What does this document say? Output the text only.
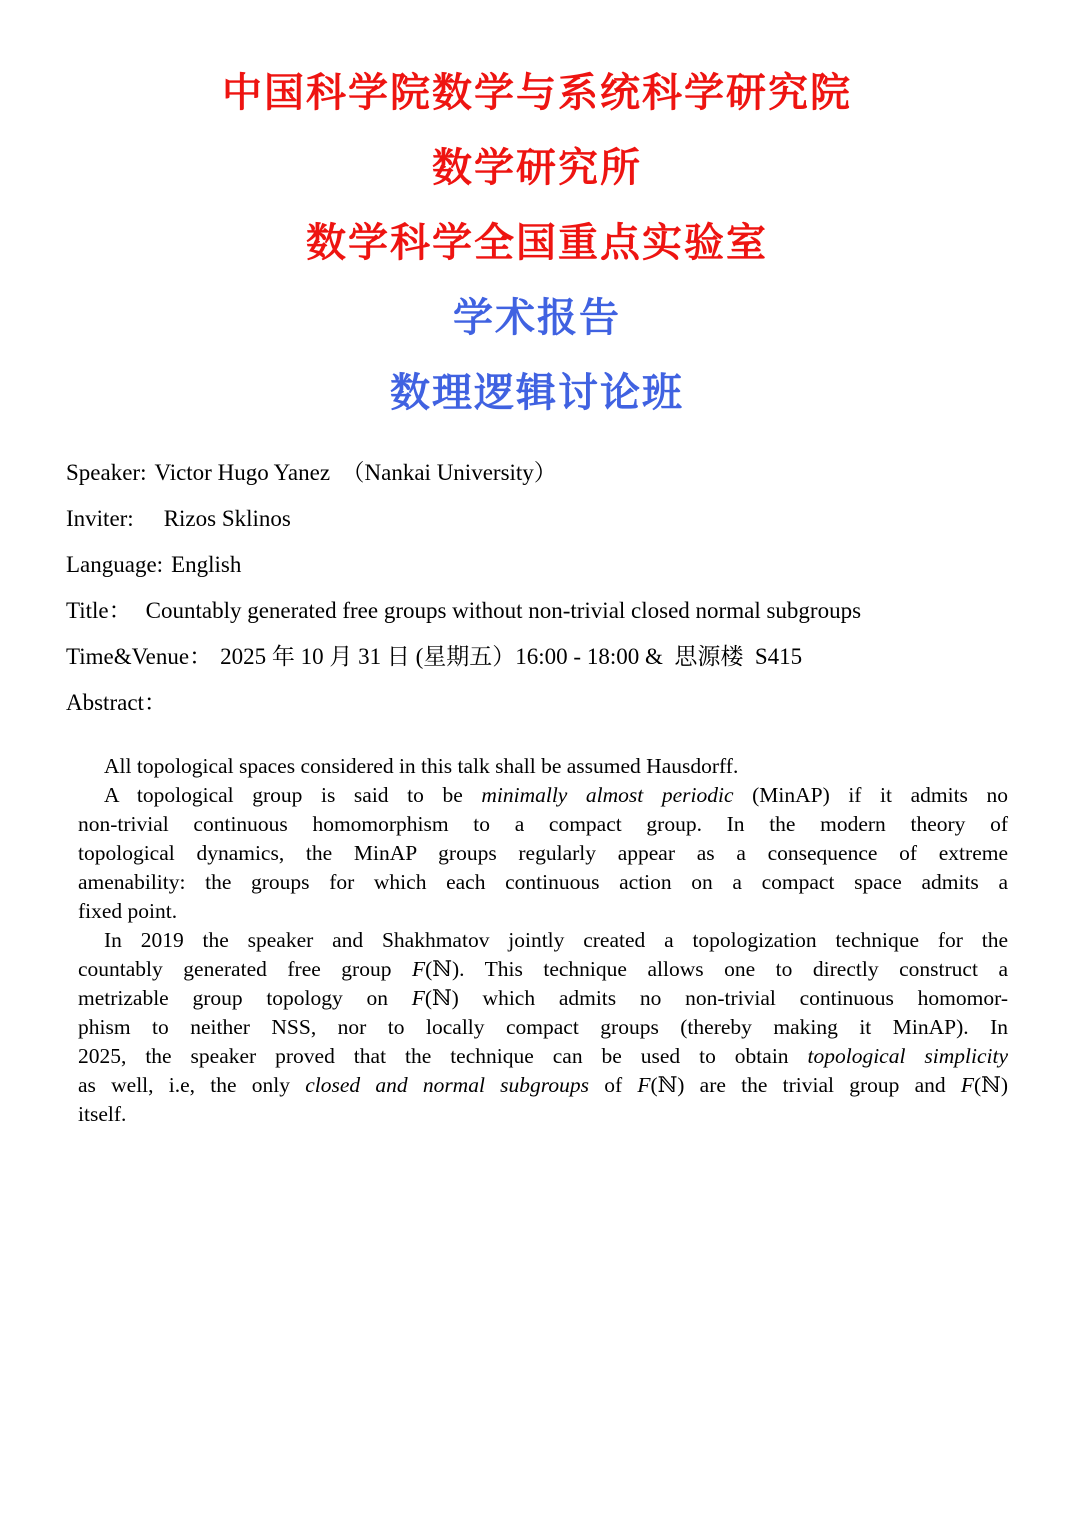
中国科学院数学与系统科学研究院
数学研究所
数学科学全国重点实验室
学术报告
数理逻辑讨论班

Speaker: Victor Hugo Yanez  （Nankai University）

Inviter: Rizos Sklinos

Language: English

Title： Countably generated free groups without non-trivial closed normal subgroups

Time&Venue： 2025 年 10 月 31 日 (星期五）16:00 - 18:00 &  思源楼  S415

Abstract：

All topological spaces considered in this talk shall be assumed Hausdorff.
A topological group is said to be minimally almost periodic (MinAP) if it admits no
non-trivial continuous homomorphism to a compact group. In the modern theory of
topological dynamics, the MinAP groups regularly appear as a consequence of extreme
amenability: the groups for which each continuous action on a compact space admits a
fixed point.
In 2019 the speaker and Shakhmatov jointly created a topologization technique for the
countably generated free group F(ℕ). This technique allows one to directly construct a
metrizable group topology on F(ℕ) which admits no non-trivial continuous homomor-
phism to neither NSS, nor to locally compact groups (thereby making it MinAP). In
2025, the speaker proved that the technique can be used to obtain topological simplicity
as well, i.e, the only closed and normal subgroups of F(ℕ) are the trivial group and F(ℕ)
itself.
